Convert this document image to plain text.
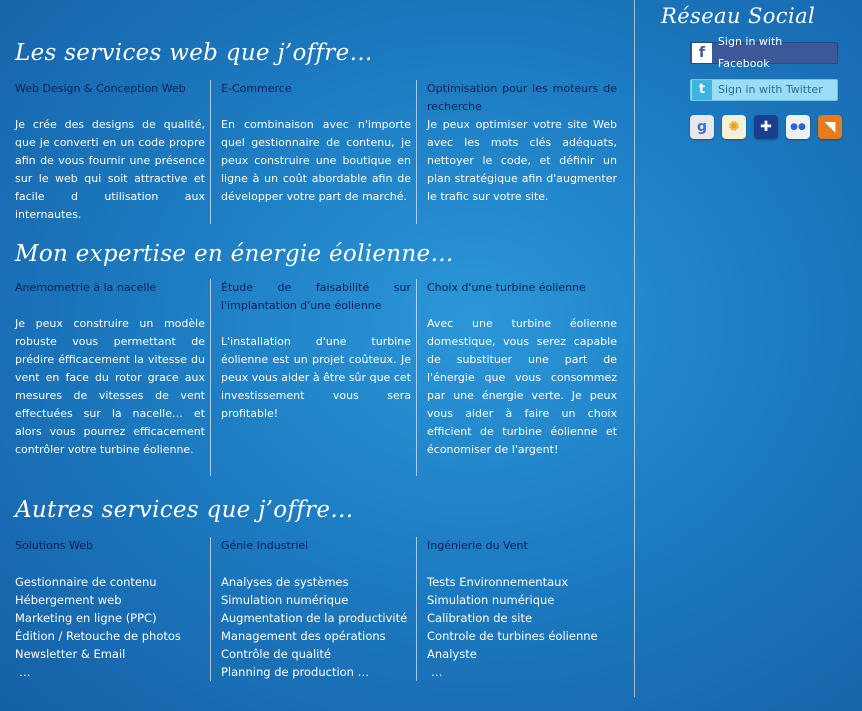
Les services web que j’offre…

Web Design & Conception Web

Je crée des designs de qualité, que je converti en un code propre afin de vous fournir une présence sur le web qui soit attractive et facile d utilisation aux internautes.

E-Commerce

En combinaison avec n'importe quel gestionnaire de contenu, je peux construire une boutique en ligne à un coût abordable afin de développer votre part de marché.

Optimisation pour les moteurs de recherche

Je peux optimiser votre site Web avec les mots clés adéquats, nettoyer le code, et définir un plan stratégique afin d'augmenter le trafic sur votre site.

Mon expertise en énergie éolienne…

Anemometrie à la nacelle

Je peux construire un modèle robuste vous permettant de prédire éfficacement la vitesse du vent en face du rotor grace aux mesures de vitesses de vent effectuées sur la nacelle… et alors vous pourrez efficacement contrôler votre turbine éolienne.

Étude de faisabilité sur l'implantation d'une éolienne

L'installation d'une turbine éolienne est un projet coûteux. Je peux vous aider à être sûr que cet investissement vous sera profitable!

Choix d'une turbine éolienne

Avec une turbine éolienne domestique, vous serez capable de substituer une part de l'énergie que vous consommez par une énergie verte. Je peux vous aider à faire un choix efficient de turbine éolienne et économiser de l'argent!

Autres services que j’offre…

Solutions Web

Gestionnaire de contenu
Hébergement web
Marketing en ligne (PPC)
Édition / Retouche de photos
Newsletter & Email
…

Génie Industriel

Analyses de systèmes
Simulation numérique
Augmentation de la productivité
Management des opérations
Contrôle de qualité
Planning de production …

Ingénierie du Vent

Tests Environnementaux
Simulation numérique
Calibration de site
Controle de turbines éolienne
Analyste
…
Réseau Social
f
Sign in with Facebook
t	Sign in with Twitter
g	✺	✚	●●	◥
